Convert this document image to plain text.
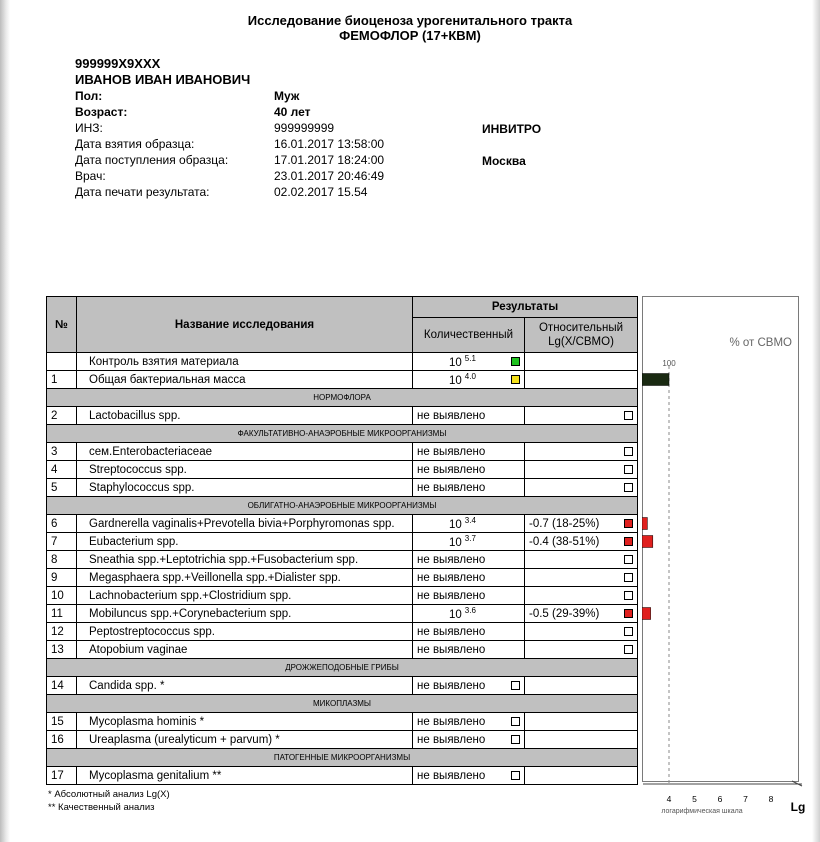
Исследование биоценоза урогенитального тракта
ФЕМОФЛОР (17+КВМ)
999999X9XXX
ИВАНОВ ИВАН ИВАНОВИЧ
Пол:	Муж
Возраст:	40 лет
ИНЗ:	999999999
Дата взятия образца:	16.01.2017 13:58:00
Дата поступления образца:	17.01.2017 18:24:00
Врач:	23.01.2017 20:46:49
Дата печати результата:	02.02.2017 15.54
ИНВИТРО
Москва
№	Название исследования	Результаты	
		Количественный	Относительный Lg(X/CBMO)
	Контроль взятия материала	10 $^{5.1}$

1	Общая бактериальная масса	10 $^{4.0}$

НОРМОФЛОРА			
2	Lactobacillus spp.	не выявлено	

ФАКУЛЬТАТИВНО-АНАЭРОБНЫЕ МИКРООРГАНИЗМЫ			
3	сем.Enterobacteriaceae	не выявлено	

4	Streptococcus spp.	не выявлено	

5	Staphylococcus spp.	не выявлено	

ОБЛИГАТНО-АНАЭРОБНЫЕ МИКРООРГАНИЗМЫ			
6	Gardnerella vaginalis+Prevotella bivia+Porphyromonas spp.	10 $^{3.4}$	-0.7 (18-25%)

7	Eubacterium spp.	10 $^{3.7}$	-0.4 (38-51%)

8	Sneathia spp.+Leptotrichia spp.+Fusobacterium spp.	не выявлено	

9	Megasphaera spp.+Veillonella spp.+Dialister spp.	не выявлено	

10	Lachnobacterium spp.+Clostridium spp.	не выявлено	

11	Mobiluncus spp.+Corynebacterium spp.	10 $^{3.6}$	-0.5 (29-39%)

12	Peptostreptococcus spp.	не выявлено	

13	Atopobium vaginae	не выявлено	

ДРОЖЖЕПОДОБНЫЕ ГРИБЫ			
14	Candida spp. *	не выявлено	

МИКОПЛАЗМЫ			
15	Mycoplasma hominis *	не выявлено	

16	Ureaplasma (urealyticum + parvum) *	не выявлено	

ПАТОГЕННЫЕ МИКРООРГАНИЗМЫ			
17	Mycoplasma genitalium **	не выявлено	

100
% от СВМО
4 5 6 7 8
логарифмическая шкала	Lg
* Абсолютный анализ Lg(X)
** Качественный анализ
